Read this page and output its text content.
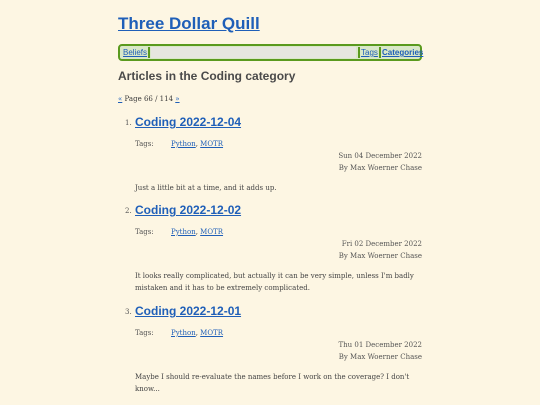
Three Dollar Quill
Beliefs	Tags Categories
Articles in the Coding category
« Page 66 / 114 »
1. Coding 2022-12-04
Tags: Python, MOTR
Sun 04 December 2022
By Max Woerner Chase

Just a little bit at a time, and it adds up.

2. Coding 2022-12-02
Tags: Python, MOTR
Fri 02 December 2022
By Max Woerner Chase

It looks really complicated, but actually it can be very simple, unless I'm badly mistaken and it has to be extremely complicated.

3. Coding 2022-12-01
Tags: Python, MOTR
Thu 01 December 2022
By Max Woerner Chase

Maybe I should re-evaluate the names before I work on the coverage? I don't know...
